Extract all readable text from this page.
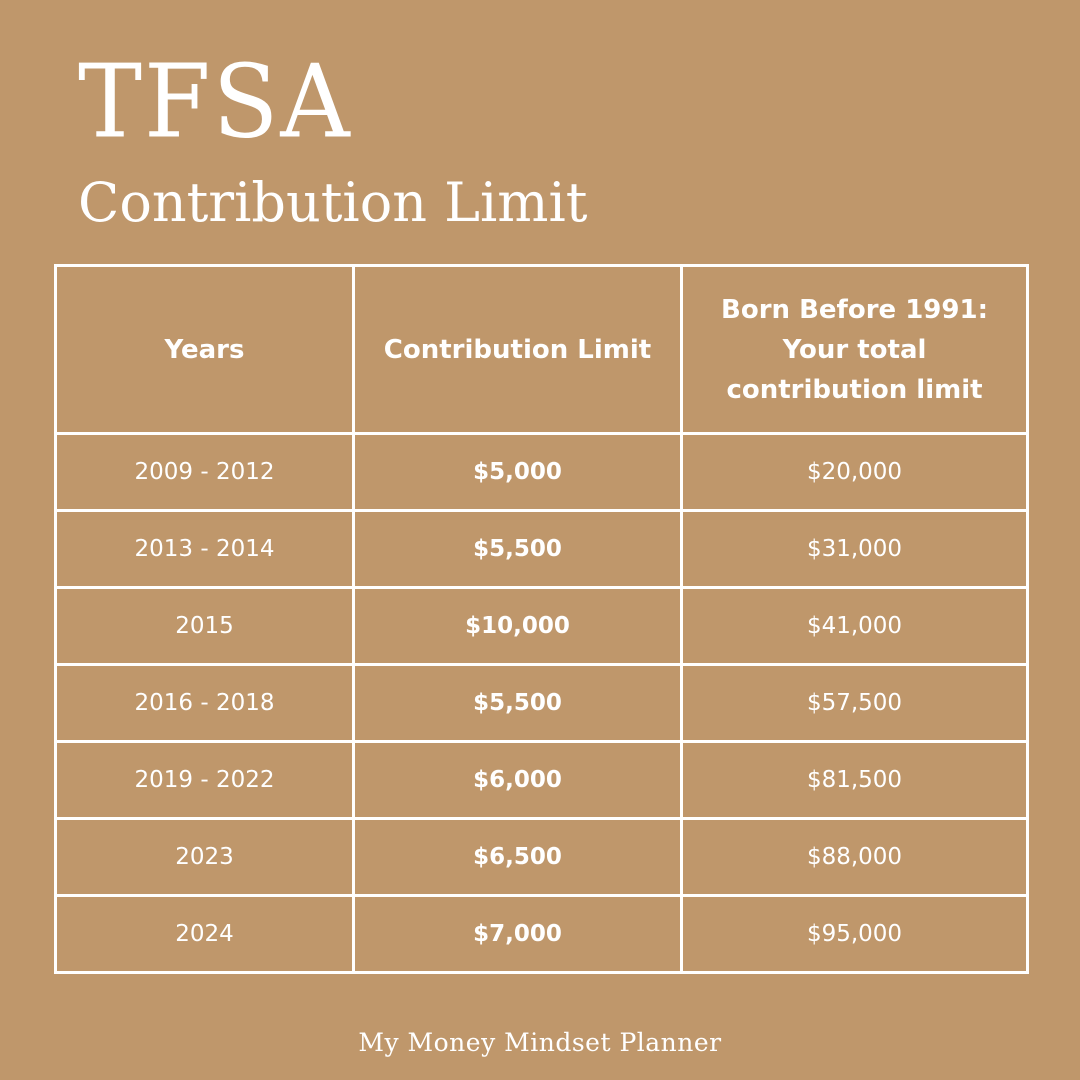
TFSA
Contribution Limit
Years	Contribution Limit	Born Before 1991: Your total contribution limit
2009 - 2012	$5,000	$20,000
2013 - 2014	$5,500	$31,000
2015	$10,000	$41,000
2016 - 2018	$5,500	$57,500
2019 - 2022	$6,000	$81,500
2023	$6,500	$88,000
2024	$7,000	$95,000
My Money Mindset Planner
